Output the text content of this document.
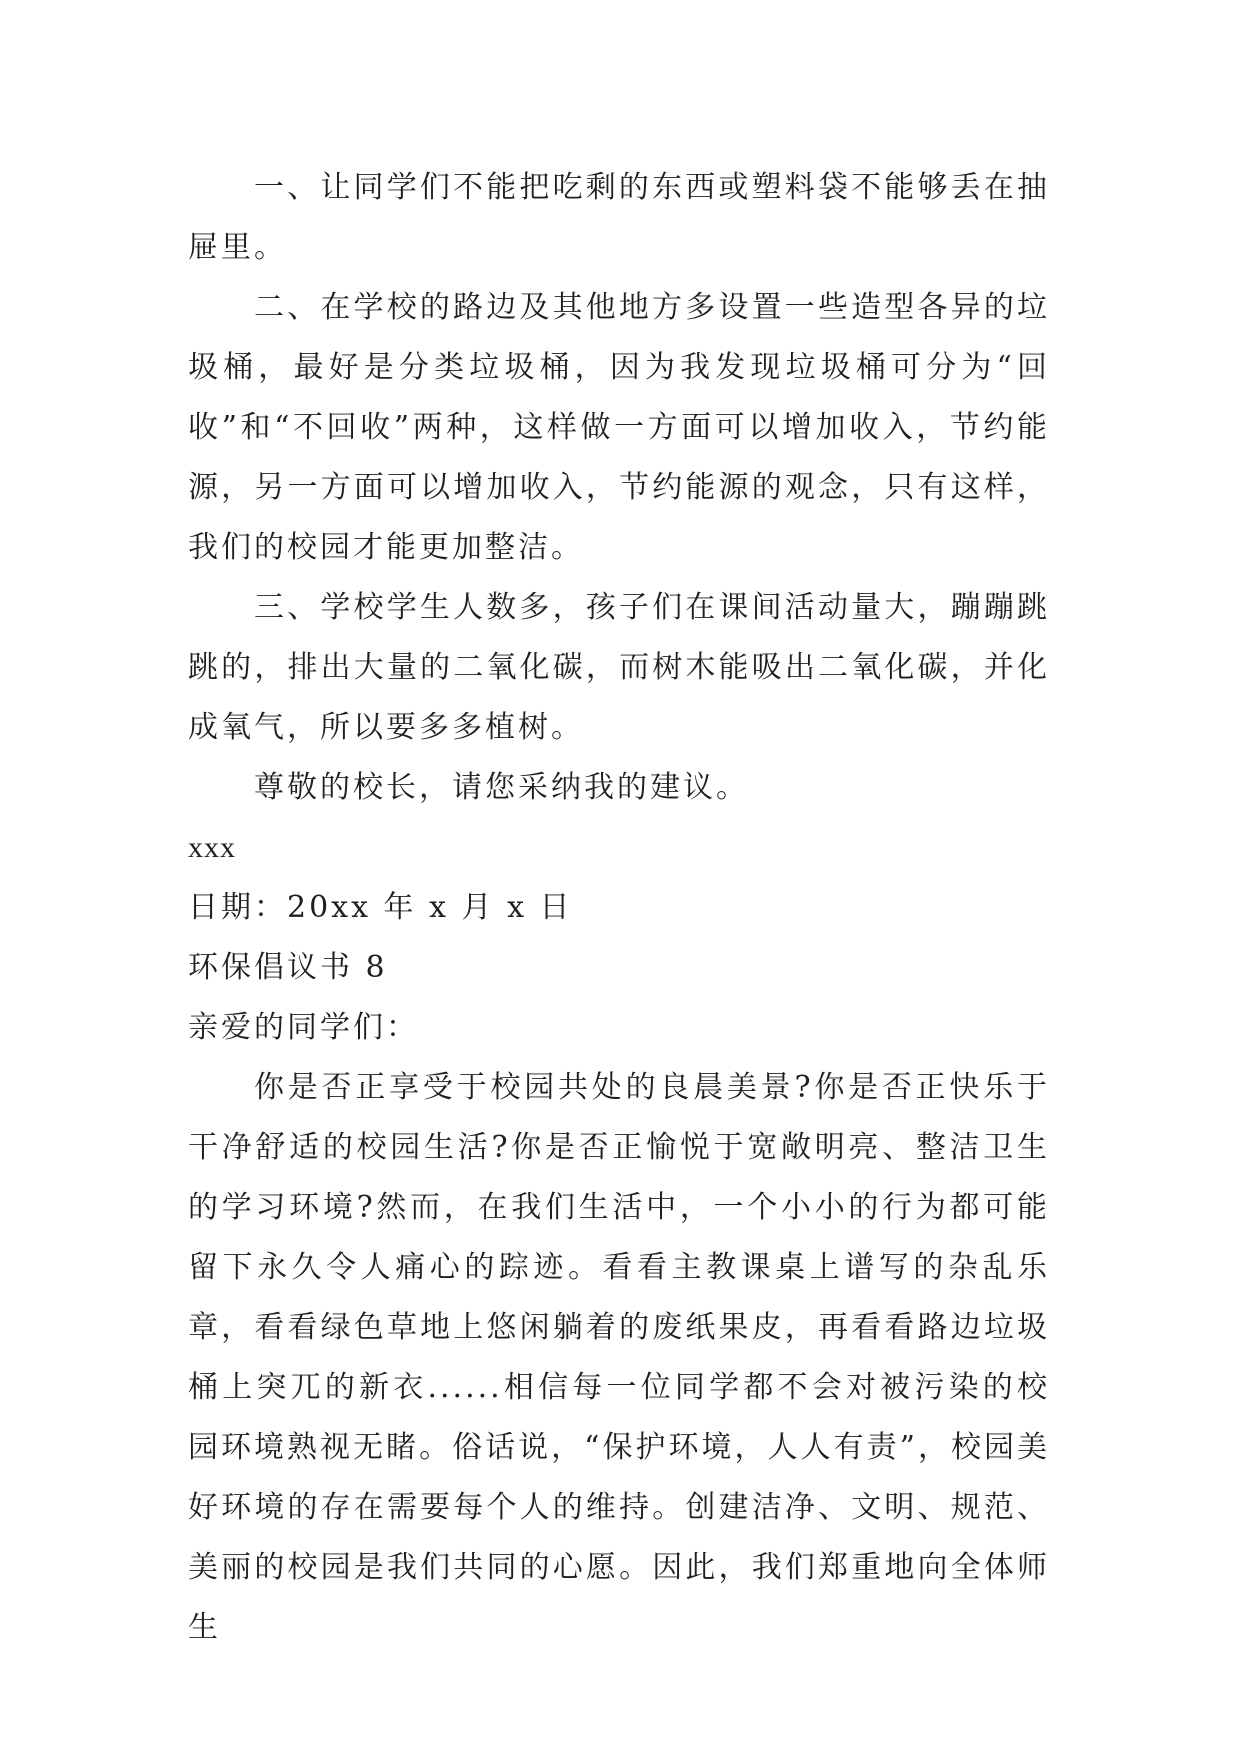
一、让同学们不能把吃剩的东西或塑料袋不能够丢在抽屉里。

二、在学校的路边及其他地方多设置一些造型各异的垃圾桶，最好是分类垃圾桶，因为我发现垃圾桶可分为“回收”和“不回收”两种，这样做一方面可以增加收入，节约能源，另一方面可以增加收入，节约能源的观念，只有这样，我们的校园才能更加整洁。

三、学校学生人数多，孩子们在课间活动量大，蹦蹦跳跳的，排出大量的二氧化碳，而树木能吸出二氧化碳，并化成氧气，所以要多多植树。

尊敬的校长，请您采纳我的建议。

xxx

日期：20xx 年 x 月 x 日

环保倡议书 8

亲爱的同学们：

你是否正享受于校园共处的良晨美景?你是否正快乐于干净舒适的校园生活?你是否正愉悦于宽敞明亮、整洁卫生的学习环境?然而，在我们生活中，一个小小的行为都可能留下永久令人痛心的踪迹。看看主教课桌上谱写的杂乱乐章，看看绿色草地上悠闲躺着的废纸果皮，再看看路边垃圾桶上突兀的新衣......相信每一位同学都不会对被污染的校园环境熟视无睹。俗话说，“保护环境，人人有责”，校园美好环境的存在需要每个人的维持。创建洁净、文明、规范、美丽的校园是我们共同的心愿。因此，我们郑重地向全体师生
